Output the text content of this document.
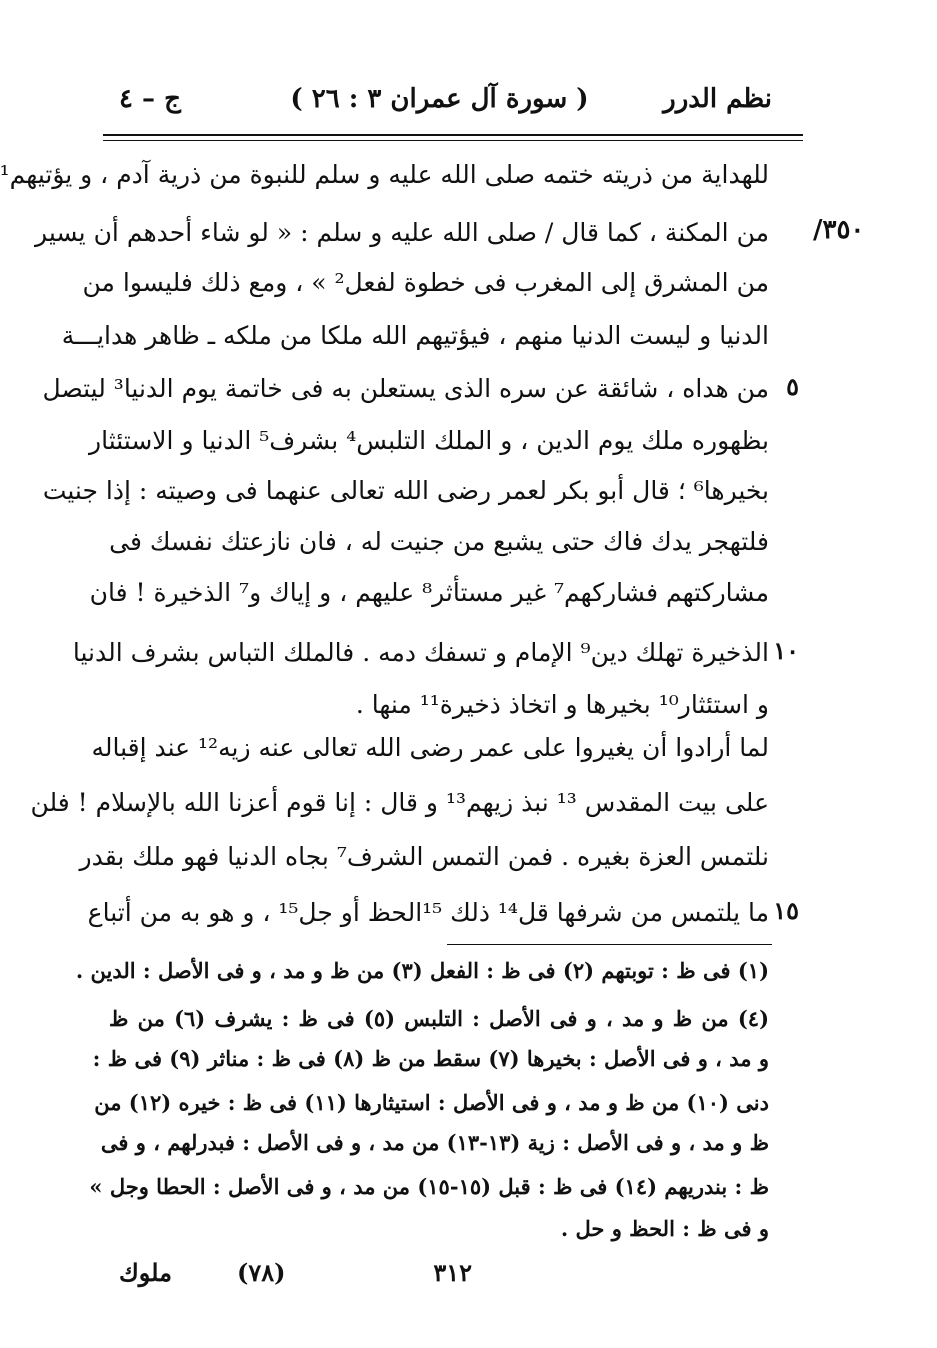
نظم الدرر
( سورة آل عمران ٣ : ٢٦ )
ج – ٤
٣٥٠/
٥
١٠
١٥
للهداية من ذريته ختمه صلى الله عليه و سلم للنبوة من ذرية آدم ، و يؤتيهم¹
من المكنة ، كما قال / صلى الله عليه و سلم : « لو شاء أحدهم أن يسير
من المشرق إلى المغرب فى خطوة لفعل² » ، ومع ذلك فليسوا من
الدنيا و ليست الدنيا منهم ، فيؤتيهم الله ملكا من ملكه ـ ظاهر هدايـــة
من هداه ، شائقة عن سره الذى يستعلن به فى خاتمة يوم الدنيا³ ليتصل
بظهوره ملك يوم الدين ، و الملك التلبس⁴ بشرف⁵ الدنيا و الاستئثار
بخيرها⁶ ؛ قال أبو بكر لعمر رضى الله تعالى عنهما فى وصيته : إذا جنيت
فلتهجر يدك فاك حتى يشبع من جنيت له ، فان نازعتك نفسك فى
مشاركتهم فشاركهم⁷ غير مستأثر⁸ عليهم ، و إياك و⁷ الذخيرة ! فان
الذخيرة تهلك دين⁹ الإمام و تسفك دمه . فالملك التباس بشرف الدنيا
و استئثار¹⁰ بخيرها و اتخاذ ذخيرة¹¹ منها .
لما أرادوا أن يغيروا على عمر رضى الله تعالى عنه زيه¹² عند إقباله
على بيت المقدس ¹³ نبذ زيهم¹³ و قال : إنا قوم أعزنا الله بالإسلام ! فلن
نلتمس العزة بغيره . فمن التمس الشرف⁷ بجاه الدنيا فهو ملك بقدر
ما يلتمس من شرفها قل¹⁴ ذلك ¹⁵الحظ أو جل¹⁵ ، و هو به من أتباع
(١) فى ظ : توبتهم (٢) فى ظ : الفعل (٣) من ظ و مد ، و فى الأصل : الدين .
(٤) من ظ و مد ، و فى الأصل : التلبس (٥) فى ظ : يشرف (٦) من ظ
و مد ، و فى الأصل : بخيرها (٧) سقط من ظ (٨) فى ظ : مناثر (٩) فى ظ :
دنى (١٠) من ظ و مد ، و فى الأصل : استيثارها (١١) فى ظ : خيره (١٢) من
ظ و مد ، و فى الأصل : زية (١٣-١٣) من مد ، و فى الأصل : فبدرلهم ، و فى
ظ : بندريهم (١٤) فى ظ : قبل (١٥-١٥) من مد ، و فى الأصل : الحطا وجل »
و فى ظ : الحظ و حل .
٣١٢
(٧٨)
ملوك
